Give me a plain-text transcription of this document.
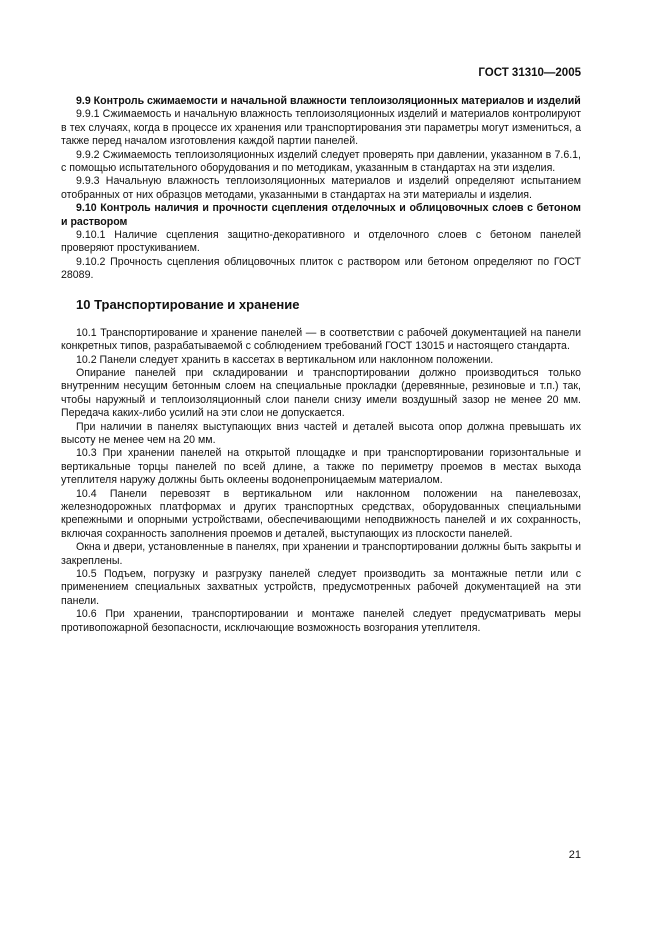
ГОСТ 31310—2005

9.9 Контроль сжимаемости и начальной влажности теплоизоляционных материалов и изделий

9.9.1 Сжимаемость и начальную влажность теплоизоляционных изделий и материалов контролируют в тех случаях, когда в процессе их хранения или транспортирования эти параметры могут измениться, а также перед началом изготовления каждой партии панелей.

9.9.2 Сжимаемость теплоизоляционных изделий следует проверять при давлении, указанном в 7.6.1, с помощью испытательного оборудования и по методикам, указанным в стандартах на эти изделия.

9.9.3 Начальную влажность теплоизоляционных материалов и изделий определяют испытанием отобранных от них образцов методами, указанными в стандартах на эти материалы и изделия.

9.10 Контроль наличия и прочности сцепления отделочных и облицовочных слоев с бетоном и раствором

9.10.1 Наличие сцепления защитно-декоративного и отделочного слоев с бетоном панелей проверяют простукиванием.

9.10.2 Прочность сцепления облицовочных плиток с раствором или бетоном определяют по ГОСТ 28089.

10 Транспортирование и хранение

10.1 Транспортирование и хранение панелей — в соответствии с рабочей документацией на панели конкретных типов, разрабатываемой с соблюдением требований ГОСТ 13015 и настоящего стандарта.

10.2 Панели следует хранить в кассетах в вертикальном или наклонном положении.

Опирание панелей при складировании и транспортировании должно производиться только внутренним несущим бетонным слоем на специальные прокладки (деревянные, резиновые и т.п.) так, чтобы наружный и теплоизоляционный слои панели снизу имели воздушный зазор не менее 20 мм. Передача каких-либо усилий на эти слои не допускается.

При наличии в панелях выступающих вниз частей и деталей высота опор должна превышать их высоту не менее чем на 20 мм.

10.3 При хранении панелей на открытой площадке и при транспортировании горизонтальные и вертикальные торцы панелей по всей длине, а также по периметру проемов в местах выхода утеплителя наружу должны быть оклеены водонепроницаемым материалом.

10.4 Панели перевозят в вертикальном или наклонном положении на панелевозах, железнодорожных платформах и других транспортных средствах, оборудованных специальными крепежными и опорными устройствами, обеспечивающими неподвижность панелей и их сохранность, включая сохранность заполнения проемов и деталей, выступающих из плоскости панелей.

Окна и двери, установленные в панелях, при хранении и транспортировании должны быть закрыты и закреплены.

10.5 Подъем, погрузку и разгрузку панелей следует производить за монтажные петли или с применением специальных захватных устройств, предусмотренных рабочей документацией на эти панели.

10.6 При хранении, транспортировании и монтаже панелей следует предусматривать меры противопожарной безопасности, исключающие возможность возгорания утеплителя.

21
